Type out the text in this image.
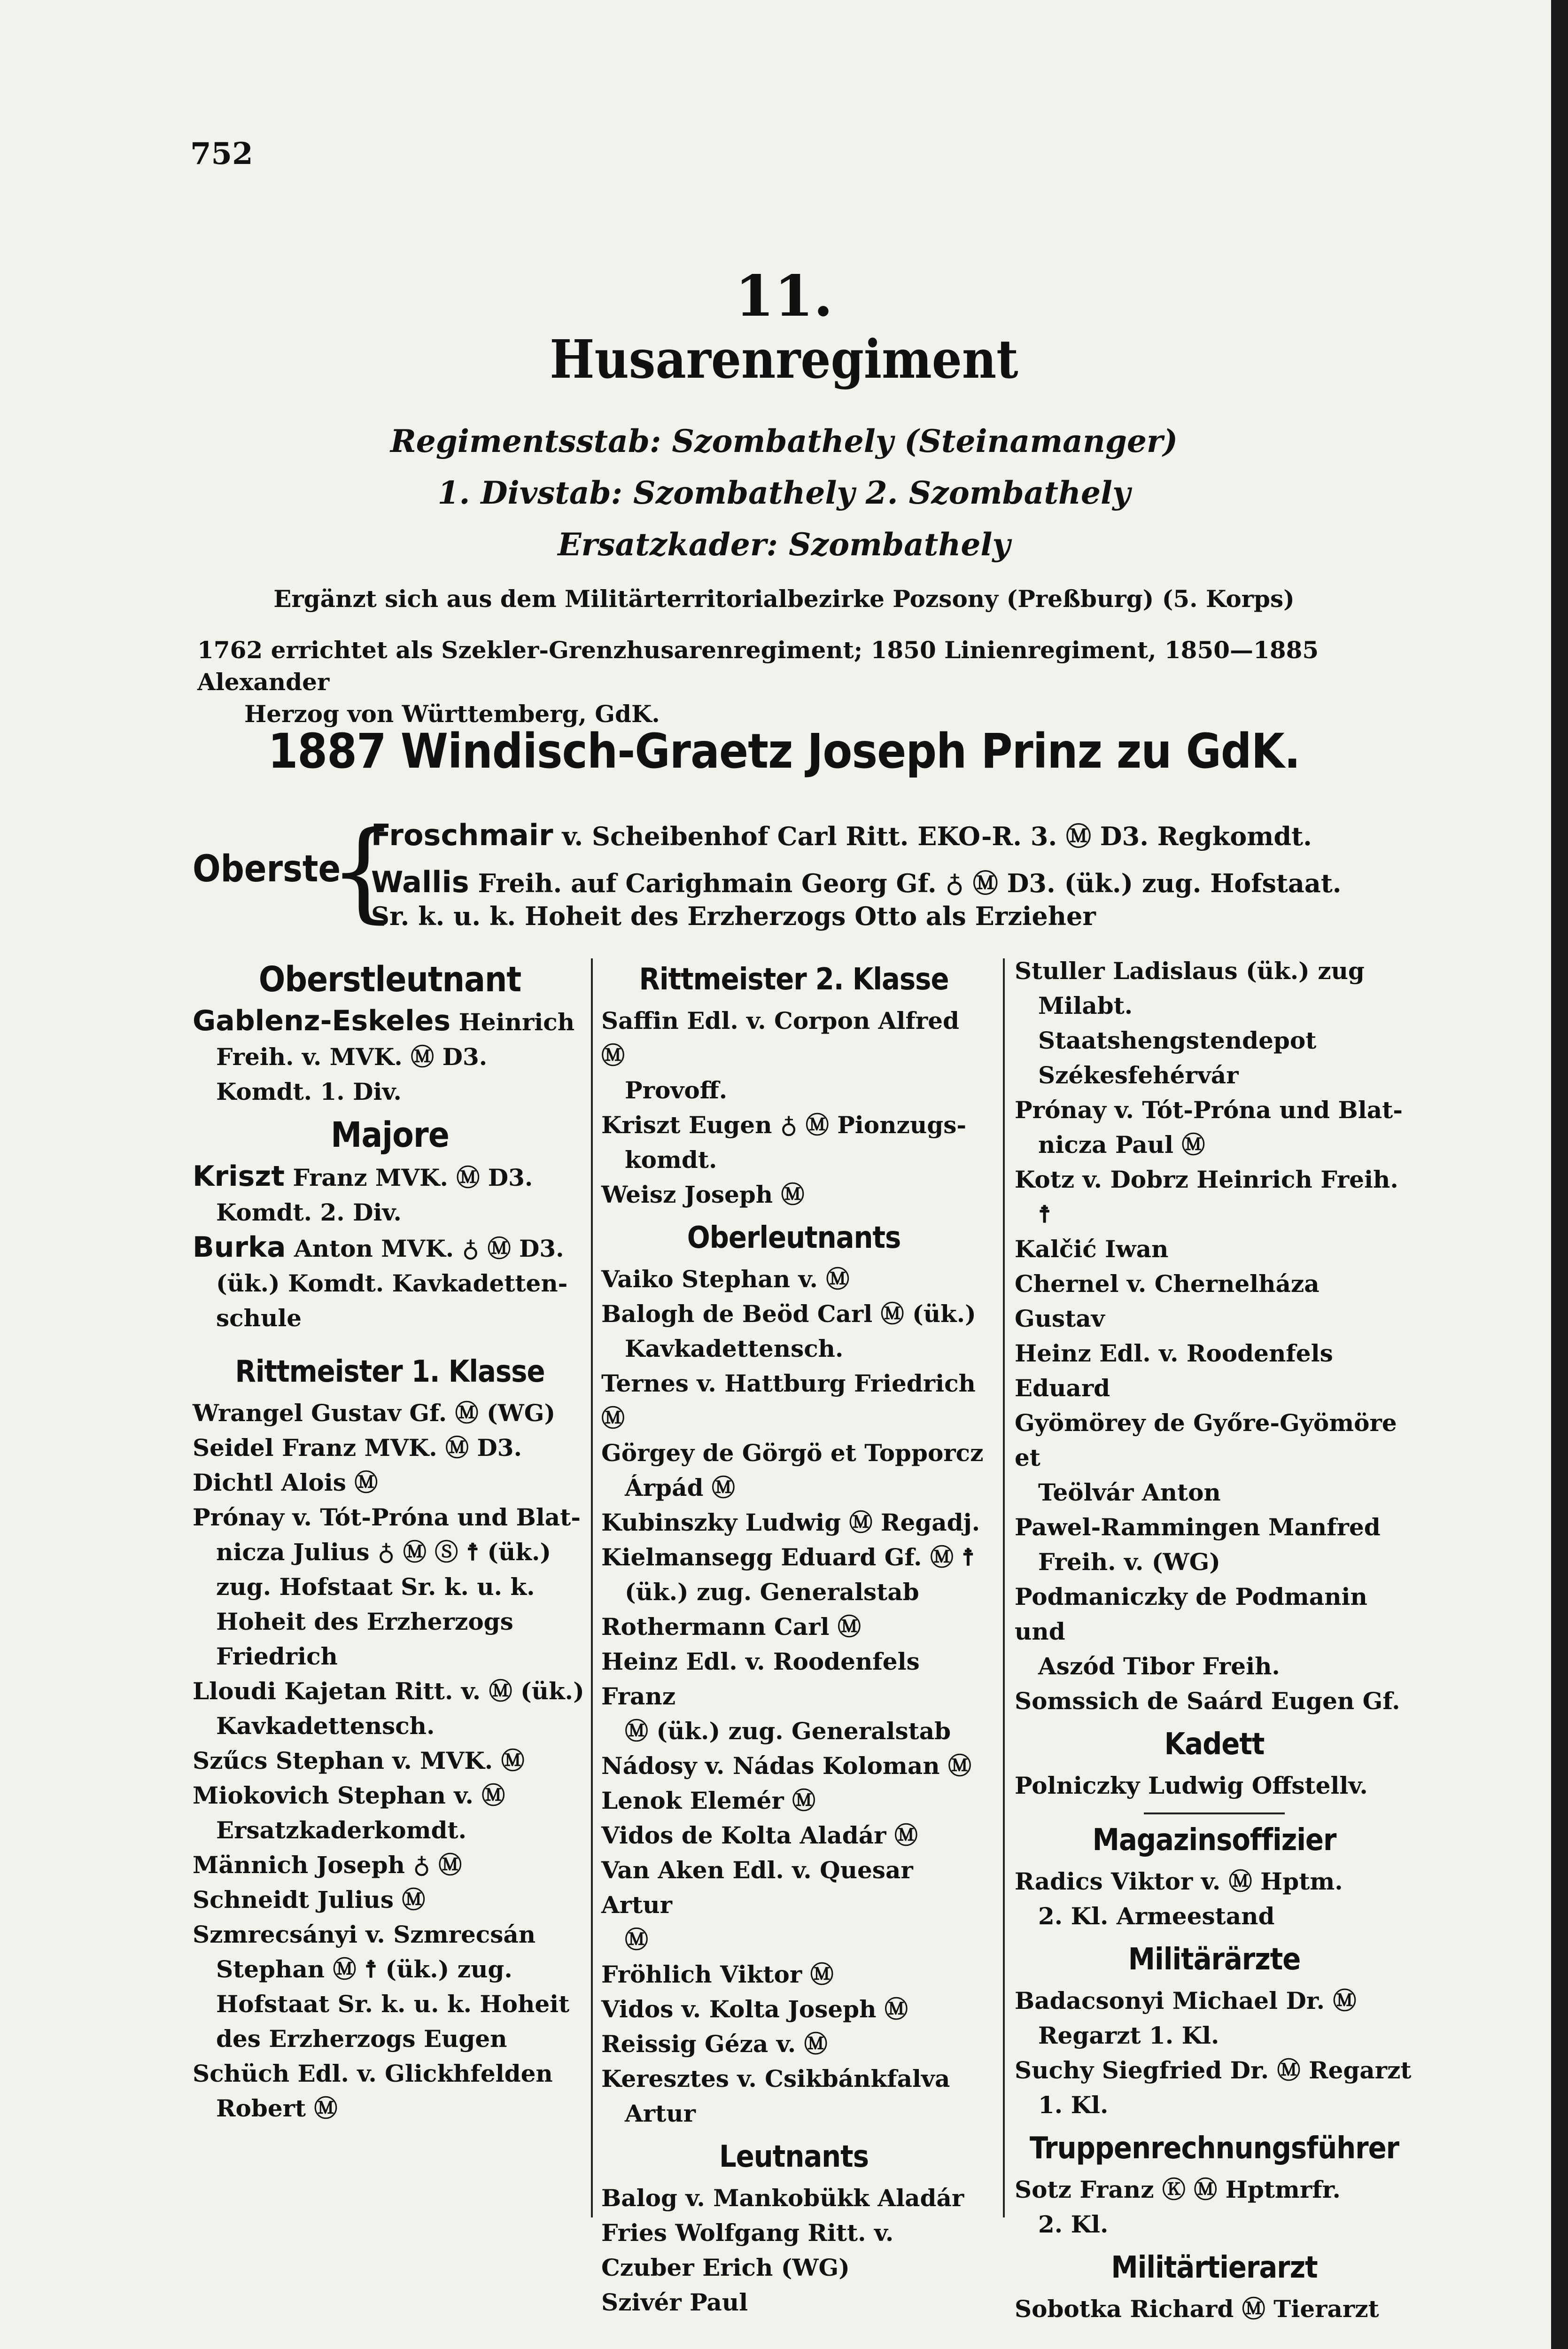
752
11.
Husarenregiment
Regimentsstab: Szombathely (Steinamanger)
1. Divstab: Szombathely 2. Szombathely
Ersatzkader: Szombathely
Ergänzt sich aus dem Militärterritorialbezirke Pozsony (Preßburg) (5. Korps)
1762 errichtet als Szekler-Grenzhusarenregiment; 1850 Linienregiment, 1850—1885 Alexander
Herzog von Württemberg, GdK.
1887 Windisch-Graetz Joseph Prinz zu GdK.
Oberste
{
Froschmair v. Scheibenhof Carl Ritt. EKO-R. 3. Ⓜ D3. Regkomdt.
Wallis Freih. auf Carighmain Georg Gf. ♁ Ⓜ D3. (ük.) zug. Hofstaat.
Sr. k. u. k. Hoheit des Erzherzogs Otto als Erzieher
Oberstleutnant
Gablenz-Eskeles Heinrich
Freih. v. MVK. Ⓜ D3.
Komdt. 1. Div.
Majore
Kriszt Franz MVK. Ⓜ D3.
Komdt. 2. Div.
Burka Anton MVK. ♁ Ⓜ D3.
(ük.) Komdt. Kavkadetten-
schule
Rittmeister 1. Klasse
Wrangel Gustav Gf. Ⓜ (WG)
Seidel Franz MVK. Ⓜ D3.
Dichtl Alois Ⓜ
Prónay v. Tót-Próna und Blat-
nicza Julius ♁ Ⓜ Ⓢ ☨ (ük.)
zug. Hofstaat Sr. k. u. k.
Hoheit des Erzherzogs
Friedrich
Lloudi Kajetan Ritt. v. Ⓜ (ük.)
Kavkadettensch.
Szűcs Stephan v. MVK. Ⓜ
Miokovich Stephan v. Ⓜ
Ersatzkaderkomdt.
Männich Joseph ♁ Ⓜ
Schneidt Julius Ⓜ
Szmrecsányi v. Szmrecsán
Stephan Ⓜ ☨ (ük.) zug.
Hofstaat Sr. k. u. k. Hoheit
des Erzherzogs Eugen
Schüch Edl. v. Glickhfelden
Robert Ⓜ
Rittmeister 2. Klasse
Saffin Edl. v. Corpon Alfred Ⓜ
Provoff.
Kriszt Eugen ♁ Ⓜ Pionzugs-
komdt.
Weisz Joseph Ⓜ
Oberleutnants
Vaiko Stephan v. Ⓜ
Balogh de Beöd Carl Ⓜ (ük.)
Kavkadettensch.
Ternes v. Hattburg Friedrich Ⓜ
Görgey de Görgö et Topporcz
Árpád Ⓜ
Kubinszky Ludwig Ⓜ Regadj.
Kielmansegg Eduard Gf. Ⓜ ☨
(ük.) zug. Generalstab
Rothermann Carl Ⓜ
Heinz Edl. v. Roodenfels Franz
Ⓜ (ük.) zug. Generalstab
Nádosy v. Nádas Koloman Ⓜ
Lenok Elemér Ⓜ
Vidos de Kolta Aladár Ⓜ
Van Aken Edl. v. Quesar Artur
Ⓜ
Fröhlich Viktor Ⓜ
Vidos v. Kolta Joseph Ⓜ
Reissig Géza v. Ⓜ
Keresztes v. Csikbánkfalva
Artur
Leutnants
Balog v. Mankobükk Aladár
Fries Wolfgang Ritt. v.
Czuber Erich (WG)
Szivér Paul
Stuller Ladislaus (ük.) zug
Milabt. Staatshengstendepot
Székesfehérvár
Prónay v. Tót-Próna und Blat-
nicza Paul Ⓜ
Kotz v. Dobrz Heinrich Freih.
☨
Kalčić Iwan
Chernel v. Chernelháza Gustav
Heinz Edl. v. Roodenfels Eduard
Gyömörey de Győre-Gyömöre et
Teölvár Anton
Pawel-Rammingen Manfred
Freih. v. (WG)
Podmaniczky de Podmanin und
Aszód Tibor Freih.
Somssich de Saárd Eugen Gf.
Kadett
Polniczky Ludwig Offstellv.
Magazinsoffizier
Radics Viktor v. Ⓜ Hptm.
2. Kl. Armeestand
Militärärzte
Badacsonyi Michael Dr. Ⓜ
Regarzt 1. Kl.
Suchy Siegfried Dr. Ⓜ Regarzt
1. Kl.
Truppenrechnungsführer
Sotz Franz Ⓚ Ⓜ Hptmrfr.
2. Kl.
Militärtierarzt
Sobotka Richard Ⓜ Tierarzt
